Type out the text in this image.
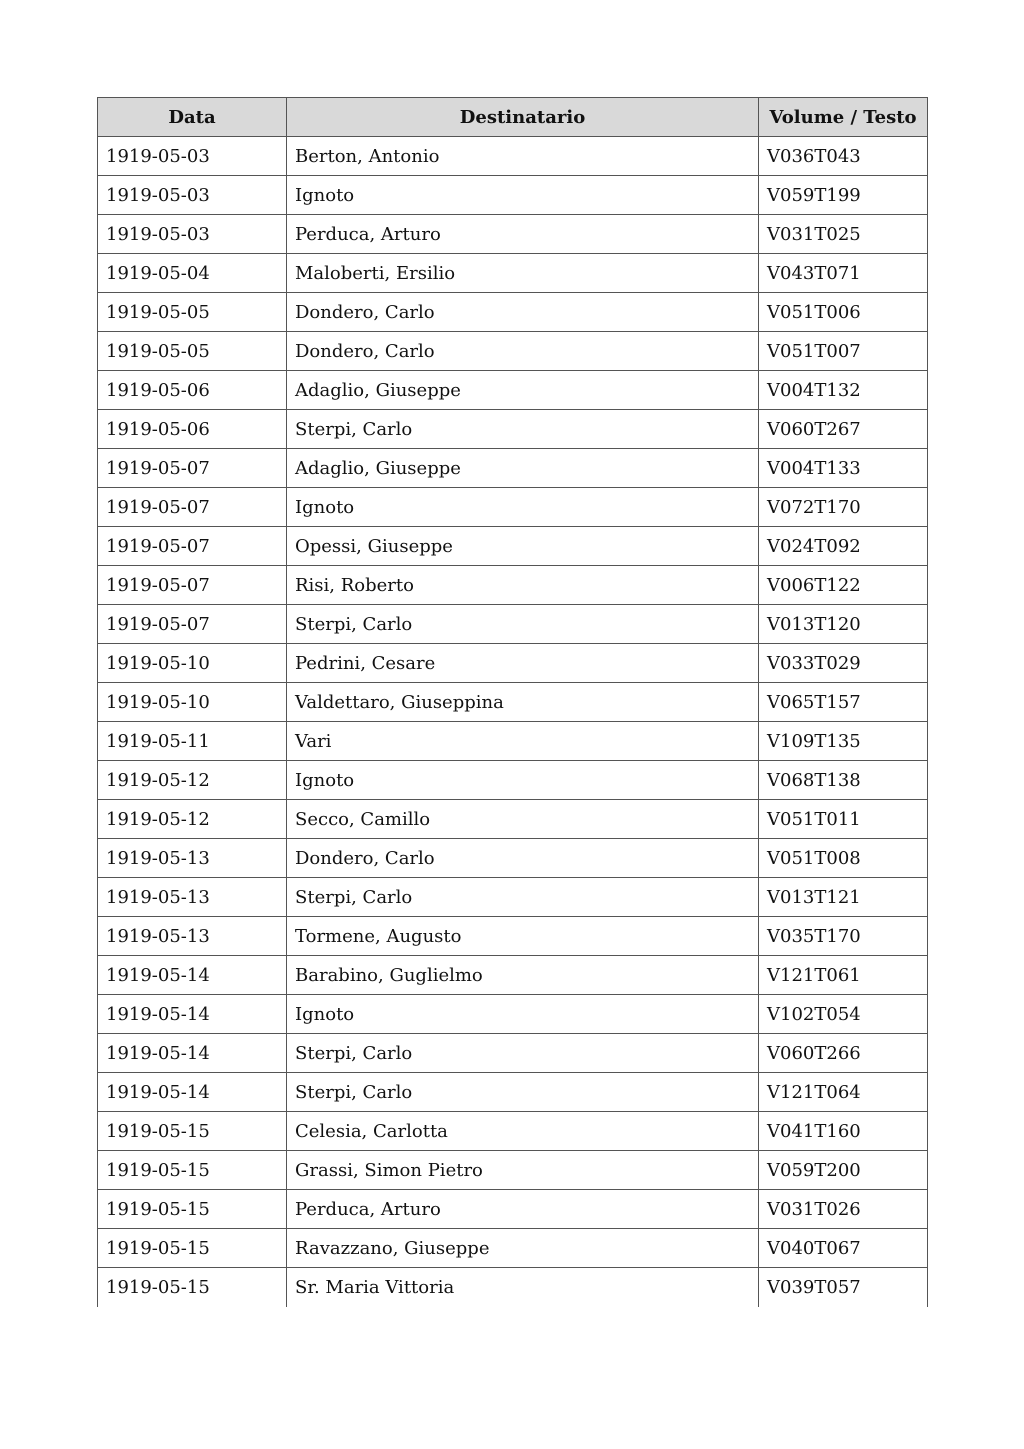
Data	Destinatario	Volume / Testo
1919-05-03	Berton, Antonio	V036T043
1919-05-03	Ignoto	V059T199
1919-05-03	Perduca, Arturo	V031T025
1919-05-04	Maloberti, Ersilio	V043T071
1919-05-05	Dondero, Carlo	V051T006
1919-05-05	Dondero, Carlo	V051T007
1919-05-06	Adaglio, Giuseppe	V004T132
1919-05-06	Sterpi, Carlo	V060T267
1919-05-07	Adaglio, Giuseppe	V004T133
1919-05-07	Ignoto	V072T170
1919-05-07	Opessi, Giuseppe	V024T092
1919-05-07	Risi, Roberto	V006T122
1919-05-07	Sterpi, Carlo	V013T120
1919-05-10	Pedrini, Cesare	V033T029
1919-05-10	Valdettaro, Giuseppina	V065T157
1919-05-11	Vari	V109T135
1919-05-12	Ignoto	V068T138
1919-05-12	Secco, Camillo	V051T011
1919-05-13	Dondero, Carlo	V051T008
1919-05-13	Sterpi, Carlo	V013T121
1919-05-13	Tormene, Augusto	V035T170
1919-05-14	Barabino, Guglielmo	V121T061
1919-05-14	Ignoto	V102T054
1919-05-14	Sterpi, Carlo	V060T266
1919-05-14	Sterpi, Carlo	V121T064
1919-05-15	Celesia, Carlotta	V041T160
1919-05-15	Grassi, Simon Pietro	V059T200
1919-05-15	Perduca, Arturo	V031T026
1919-05-15	Ravazzano, Giuseppe	V040T067
1919-05-15	Sr. Maria Vittoria	V039T057
